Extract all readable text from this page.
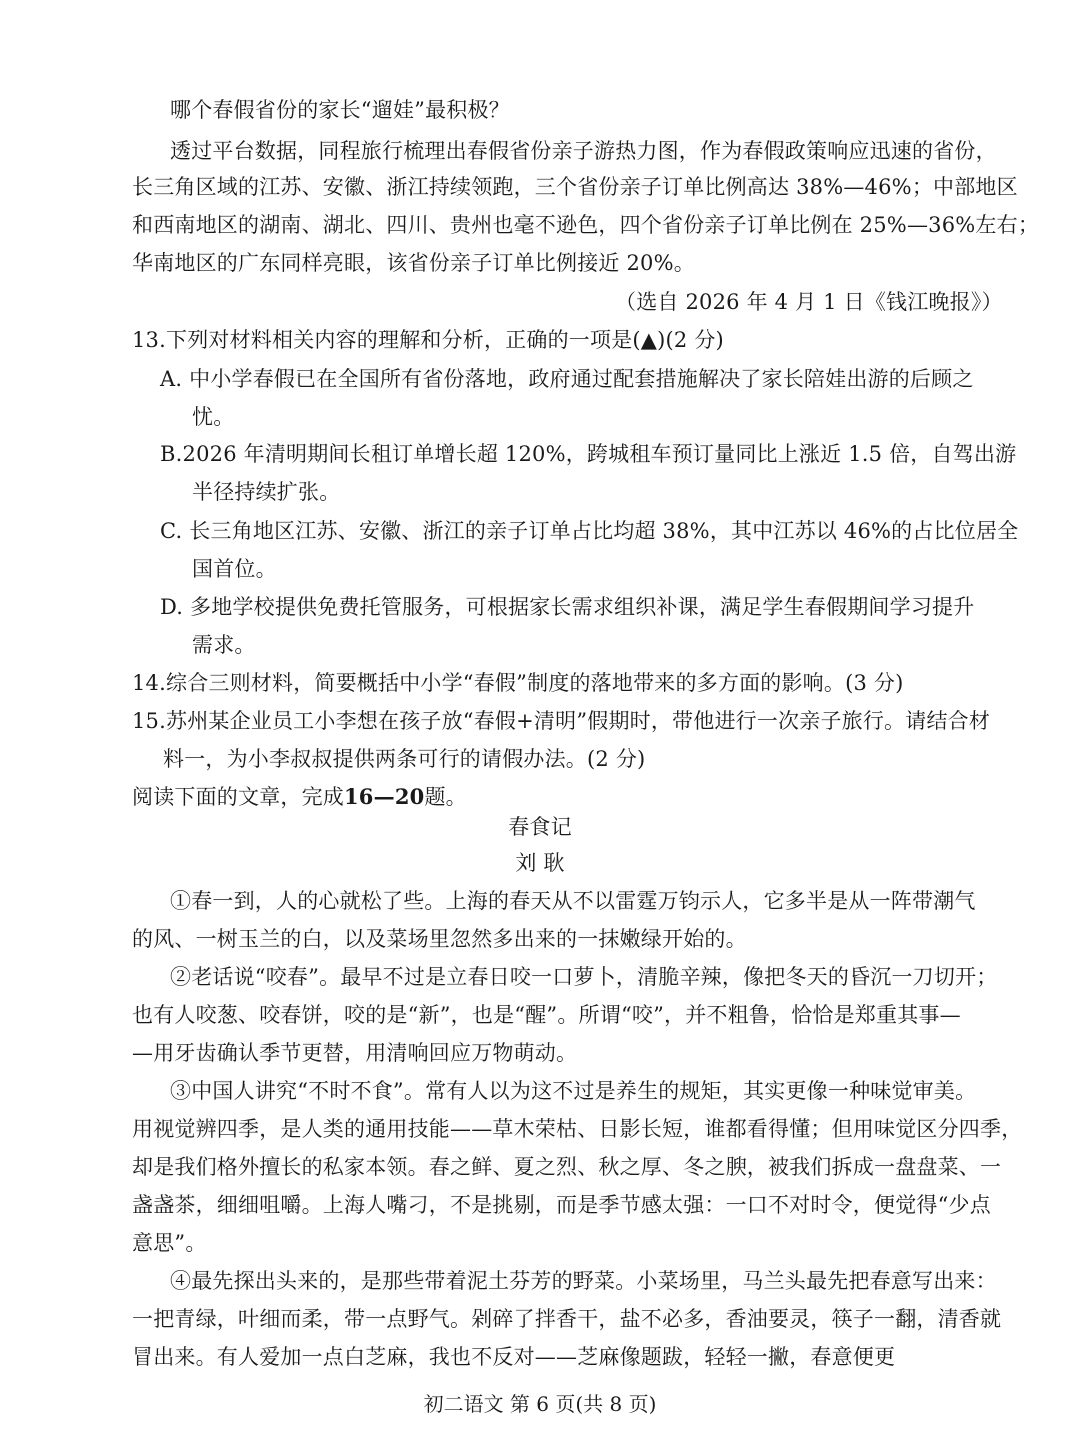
哪个春假省份的家长“遛娃”最积极？
透过平台数据，同程旅行梳理出春假省份亲子游热力图，作为春假政策响应迅速的省份，
长三角区域的江苏、安徽、浙江持续领跑，三个省份亲子订单比例高达 38%—46%；中部地区
和西南地区的湖南、湖北、四川、贵州也毫不逊色，四个省份亲子订单比例在 25%—36%左右；
华南地区的广东同样亮眼，该省份亲子订单比例接近 20%。
（选自 2026 年 4 月 1 日《钱江晚报》）
13.下列对材料相关内容的理解和分析，正确的一项是(▲)(2 分)
A. 中小学春假已在全国所有省份落地，政府通过配套措施解决了家长陪娃出游的后顾之
忧。
B.2026 年清明期间长租订单增长超 120%，跨城租车预订量同比上涨近 1.5 倍，自驾出游
半径持续扩张。
C. 长三角地区江苏、安徽、浙江的亲子订单占比均超 38%，其中江苏以 46%的占比位居全
国首位。
D. 多地学校提供免费托管服务，可根据家长需求组织补课，满足学生春假期间学习提升
需求。
14.综合三则材料，简要概括中小学“春假”制度的落地带来的多方面的影响。(3 分)
15.苏州某企业员工小李想在孩子放“春假+清明”假期时，带他进行一次亲子旅行。请结合材
料一，为小李叔叔提供两条可行的请假办法。(2 分)
阅读下面的文章，完成16—20题。
春食记
刘 耿
①春一到，人的心就松了些。上海的春天从不以雷霆万钧示人，它多半是从一阵带潮气
的风、一树玉兰的白，以及菜场里忽然多出来的一抹嫩绿开始的。
②老话说“咬春”。最早不过是立春日咬一口萝卜，清脆辛辣，像把冬天的昏沉一刀切开；
也有人咬葱、咬春饼，咬的是“新”，也是“醒”。所谓“咬”，并不粗鲁，恰恰是郑重其事—
—用牙齿确认季节更替，用清响回应万物萌动。
③中国人讲究“不时不食”。常有人以为这不过是养生的规矩，其实更像一种味觉审美。
用视觉辨四季，是人类的通用技能——草木荣枯、日影长短，谁都看得懂；但用味觉区分四季，
却是我们格外擅长的私家本领。春之鲜、夏之烈、秋之厚、冬之腴，被我们拆成一盘盘菜、一
盏盏茶，细细咀嚼。上海人嘴刁，不是挑剔，而是季节感太强：一口不对时令，便觉得“少点
意思”。
④最先探出头来的，是那些带着泥土芬芳的野菜。小菜场里，马兰头最先把春意写出来：
一把青绿，叶细而柔，带一点野气。剁碎了拌香干，盐不必多，香油要灵，筷子一翻，清香就
冒出来。有人爱加一点白芝麻，我也不反对——芝麻像题跋，轻轻一撇，春意便更
初二语文 第 6 页(共 8 页)
